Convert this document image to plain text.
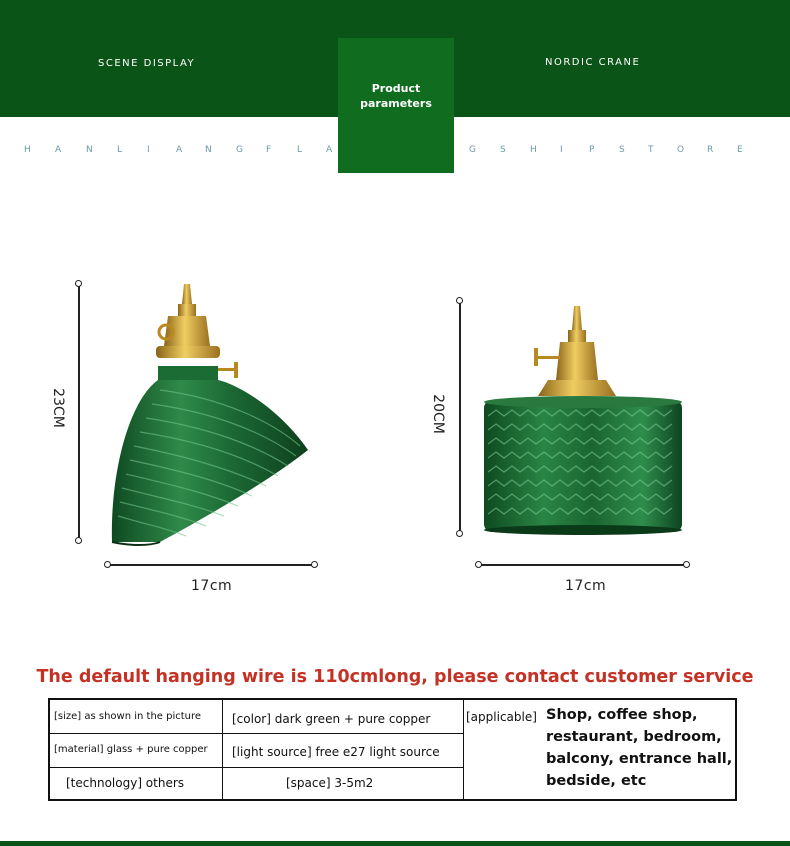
SCENE DISPLAY	NORDIC CRANE
Product
parameters
H	A	N	L	I	A	N	G	F	L	A	G	S	H	I	P	S	T	O	R	E
23CM
17cm
20CM
17cm
The default hanging wire is 110cmlong, please contact customer service
[size] as shown in the picture	[color] dark green + pure copper
[material] glass + pure copper [light source] free e27 light source
[technology] others	[space] 3-5m2
[applicable] Shop, coffee shop, restaurant, bedroom, balcony, entrance hall, bedside, etc
